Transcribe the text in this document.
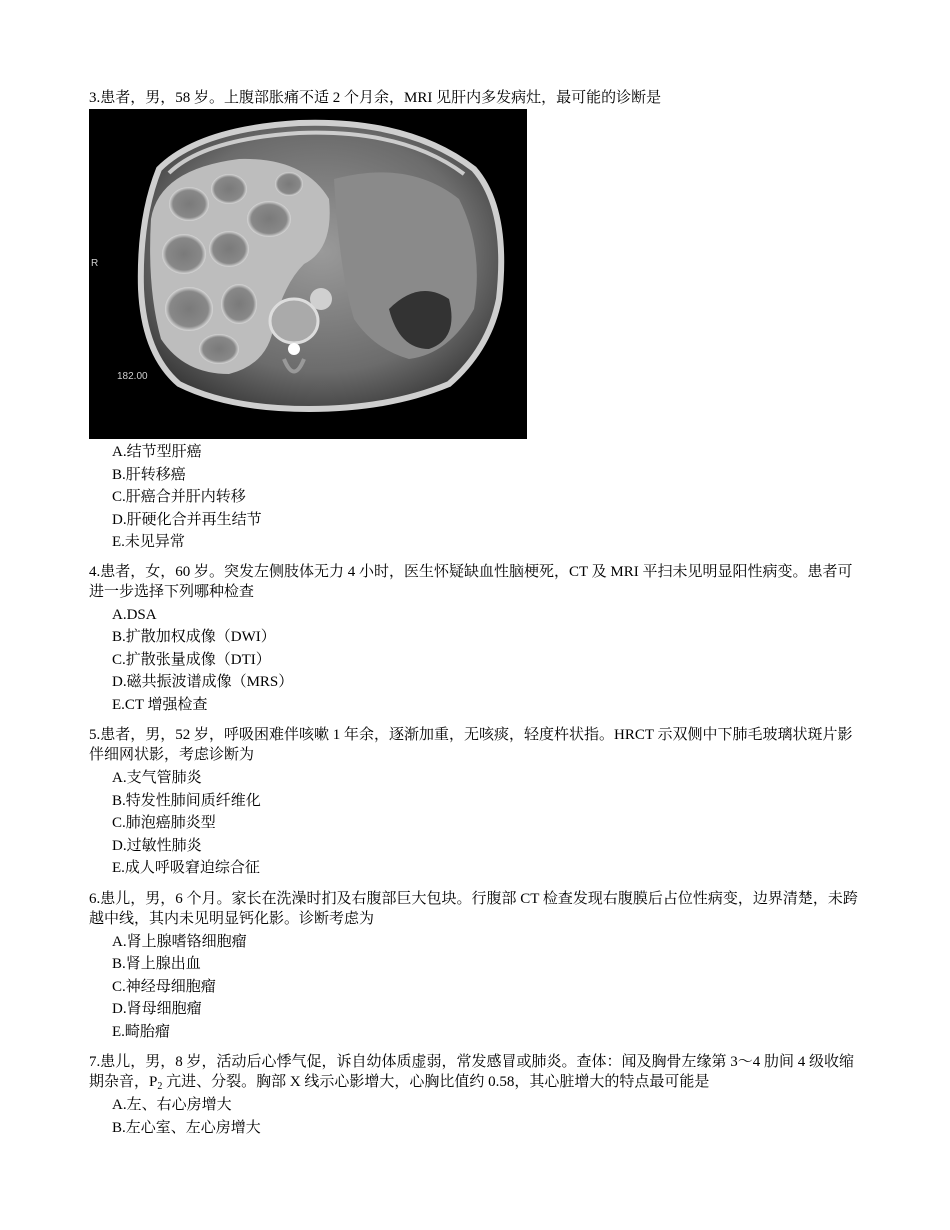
3.患者，男，58 岁。上腹部胀痛不适 2 个月余，MRI 见肝内多发病灶，最可能的诊断是

R
182.00
A.结节型肝癌
B.肝转移癌
C.肝癌合并肝内转移
D.肝硬化合并再生结节
E.未见异常

4.患者，女，60 岁。突发左侧肢体无力 4 小时，医生怀疑缺血性脑梗死，CT 及 MRI 平扫未见明显阳性病变。患者可进一步选择下列哪种检查

A.DSA
B.扩散加权成像（DWI）
C.扩散张量成像（DTI）
D.磁共振波谱成像（MRS）
E.CT 增强检查

5.患者，男，52 岁，呼吸困难伴咳嗽 1 年余，逐渐加重，无咳痰，轻度杵状指。HRCT 示双侧中下肺毛玻璃状斑片影伴细网状影，考虑诊断为

A.支气管肺炎
B.特发性肺间质纤维化
C.肺泡癌肺炎型
D.过敏性肺炎
E.成人呼吸窘迫综合征

6.患儿，男，6 个月。家长在洗澡时扪及右腹部巨大包块。行腹部 CT 检查发现右腹膜后占位性病变，边界清楚，未跨越中线，其内未见明显钙化影。诊断考虑为

A.肾上腺嗜铬细胞瘤
B.肾上腺出血
C.神经母细胞瘤
D.肾母细胞瘤
E.畸胎瘤

7.患儿，男，8 岁，活动后心悸气促，诉自幼体质虚弱，常发感冒或肺炎。查体：闻及胸骨左缘第 3～4 肋间 4 级收缩期杂音，$P_2$ 亢进、分裂。胸部 X 线示心影增大，心胸比值约 0.58，其心脏增大的特点最可能是

A.左、右心房增大
B.左心室、左心房增大
